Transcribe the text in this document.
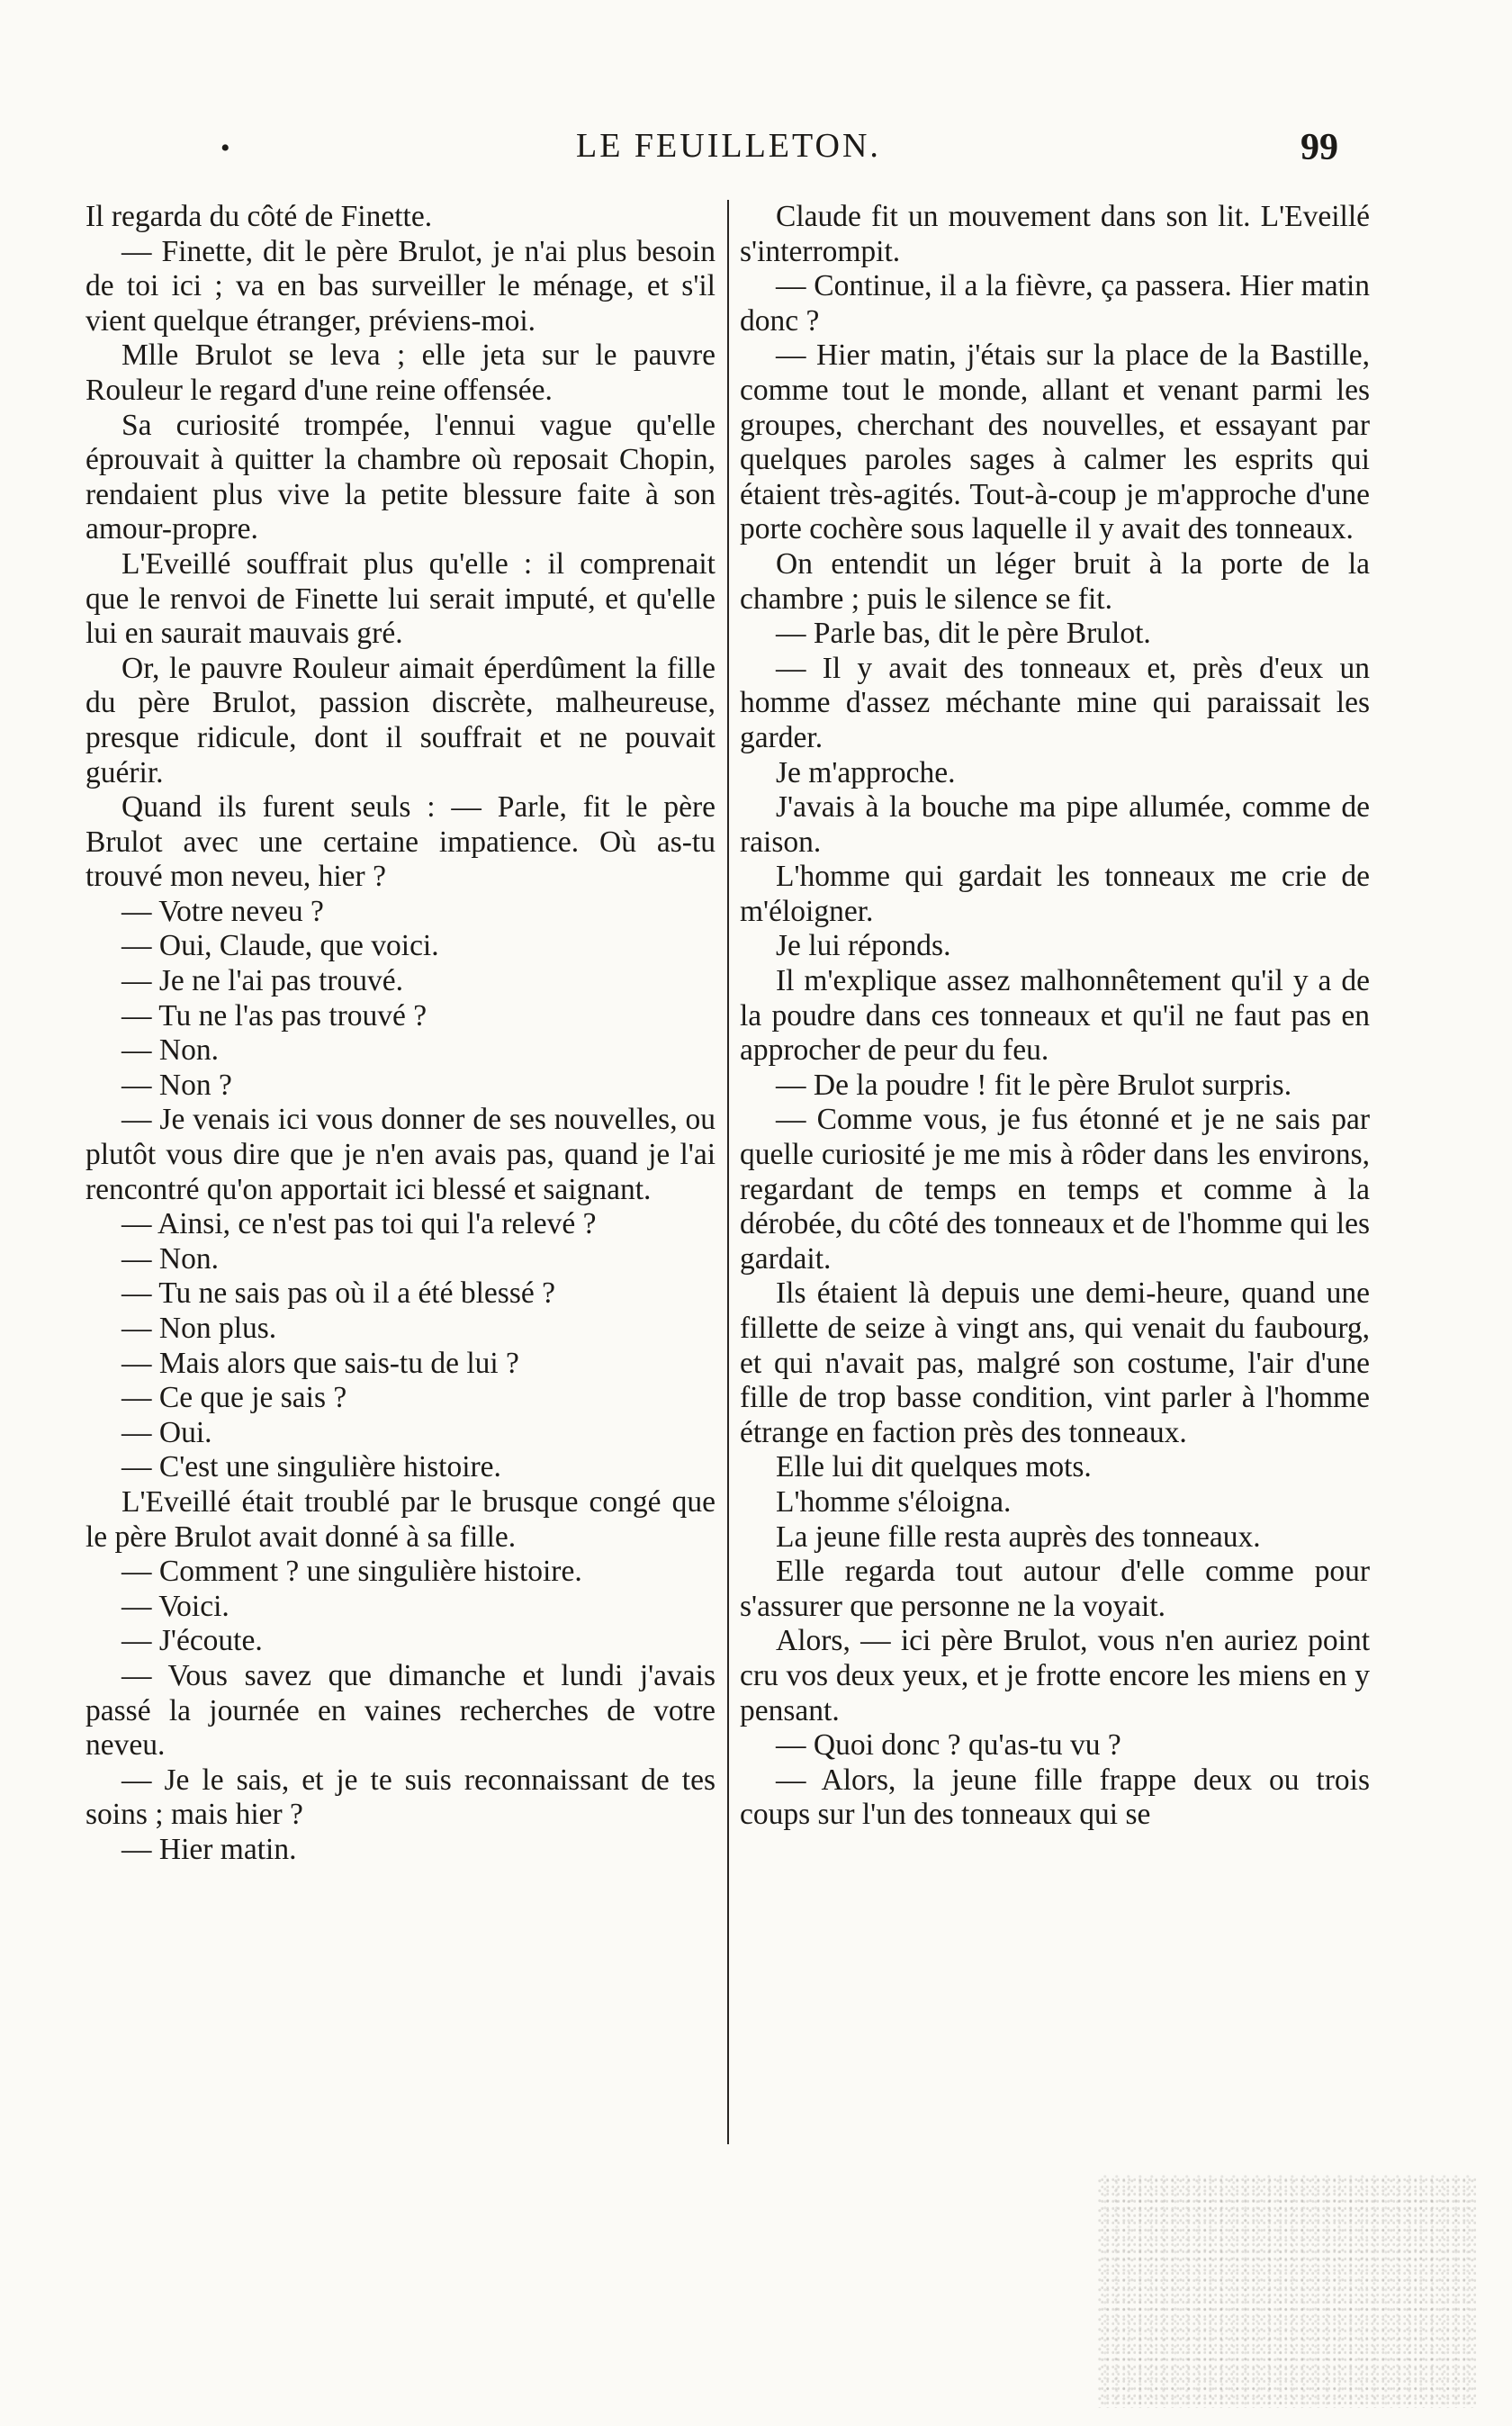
•	LE FEUILLETON.	99

Il regarda du côté de Finette.

— Finette, dit le père Brulot, je n'ai plus besoin de toi ici ; va en bas surveiller le ménage, et s'il vient quelque étranger, préviens-moi.

Mlle Brulot se leva ; elle jeta sur le pauvre Rouleur le regard d'une reine offensée.

Sa curiosité trompée, l'ennui vague qu'elle éprouvait à quitter la chambre où reposait Chopin, rendaient plus vive la petite blessure faite à son amour-propre.

L'Eveillé souffrait plus qu'elle : il comprenait que le renvoi de Finette lui serait imputé, et qu'elle lui en saurait mauvais gré.

Or, le pauvre Rouleur aimait éperdûment la fille du père Brulot, passion discrète, malheureuse, presque ridicule, dont il souffrait et ne pouvait guérir.

Quand ils furent seuls : — Parle, fit le père Brulot avec une certaine impatience. Où as-tu trouvé mon neveu, hier ?

— Votre neveu ?

— Oui, Claude, que voici.

— Je ne l'ai pas trouvé.

— Tu ne l'as pas trouvé ?

— Non.

— Non ?

— Je venais ici vous donner de ses nouvelles, ou plutôt vous dire que je n'en avais pas, quand je l'ai rencontré qu'on apportait ici blessé et saignant.

— Ainsi, ce n'est pas toi qui l'a relevé ?

— Non.

— Tu ne sais pas où il a été blessé ?

— Non plus.

— Mais alors que sais-tu de lui ?

— Ce que je sais ?

— Oui.

— C'est une singulière histoire.

L'Eveillé était troublé par le brusque congé que le père Brulot avait donné à sa fille.

— Comment ? une singulière histoire.

— Voici.

— J'écoute.

— Vous savez que dimanche et lundi j'avais passé la journée en vaines recherches de votre neveu.

— Je le sais, et je te suis reconnaissant de tes soins ; mais hier ?

— Hier matin.

Claude fit un mouvement dans son lit. L'Eveillé s'interrompit.

— Continue, il a la fièvre, ça passera. Hier matin donc ?

— Hier matin, j'étais sur la place de la Bastille, comme tout le monde, allant et venant parmi les groupes, cherchant des nouvelles, et essayant par quelques paroles sages à calmer les esprits qui étaient très-agités. Tout-à-coup je m'approche d'une porte cochère sous laquelle il y avait des tonneaux.

On entendit un léger bruit à la porte de la chambre ; puis le silence se fit.

— Parle bas, dit le père Brulot.

— Il y avait des tonneaux et, près d'eux un homme d'assez méchante mine qui paraissait les garder.

Je m'approche.

J'avais à la bouche ma pipe allumée, comme de raison.

L'homme qui gardait les tonneaux me crie de m'éloigner.

Je lui réponds.

Il m'explique assez malhonnêtement qu'il y a de la poudre dans ces tonneaux et qu'il ne faut pas en approcher de peur du feu.

— De la poudre ! fit le père Brulot surpris.

— Comme vous, je fus étonné et je ne sais par quelle curiosité je me mis à rôder dans les environs, regardant de temps en temps et comme à la dérobée, du côté des tonneaux et de l'homme qui les gardait.

Ils étaient là depuis une demi-heure, quand une fillette de seize à vingt ans, qui venait du faubourg, et qui n'avait pas, malgré son costume, l'air d'une fille de trop basse condition, vint parler à l'homme étrange en faction près des tonneaux.

Elle lui dit quelques mots.

L'homme s'éloigna.

La jeune fille resta auprès des tonneaux.

Elle regarda tout autour d'elle comme pour s'assurer que personne ne la voyait.

Alors, — ici père Brulot, vous n'en auriez point cru vos deux yeux, et je frotte encore les miens en y pensant.

— Quoi donc ? qu'as-tu vu ?

— Alors, la jeune fille frappe deux ou trois coups sur l'un des tonneaux qui se
